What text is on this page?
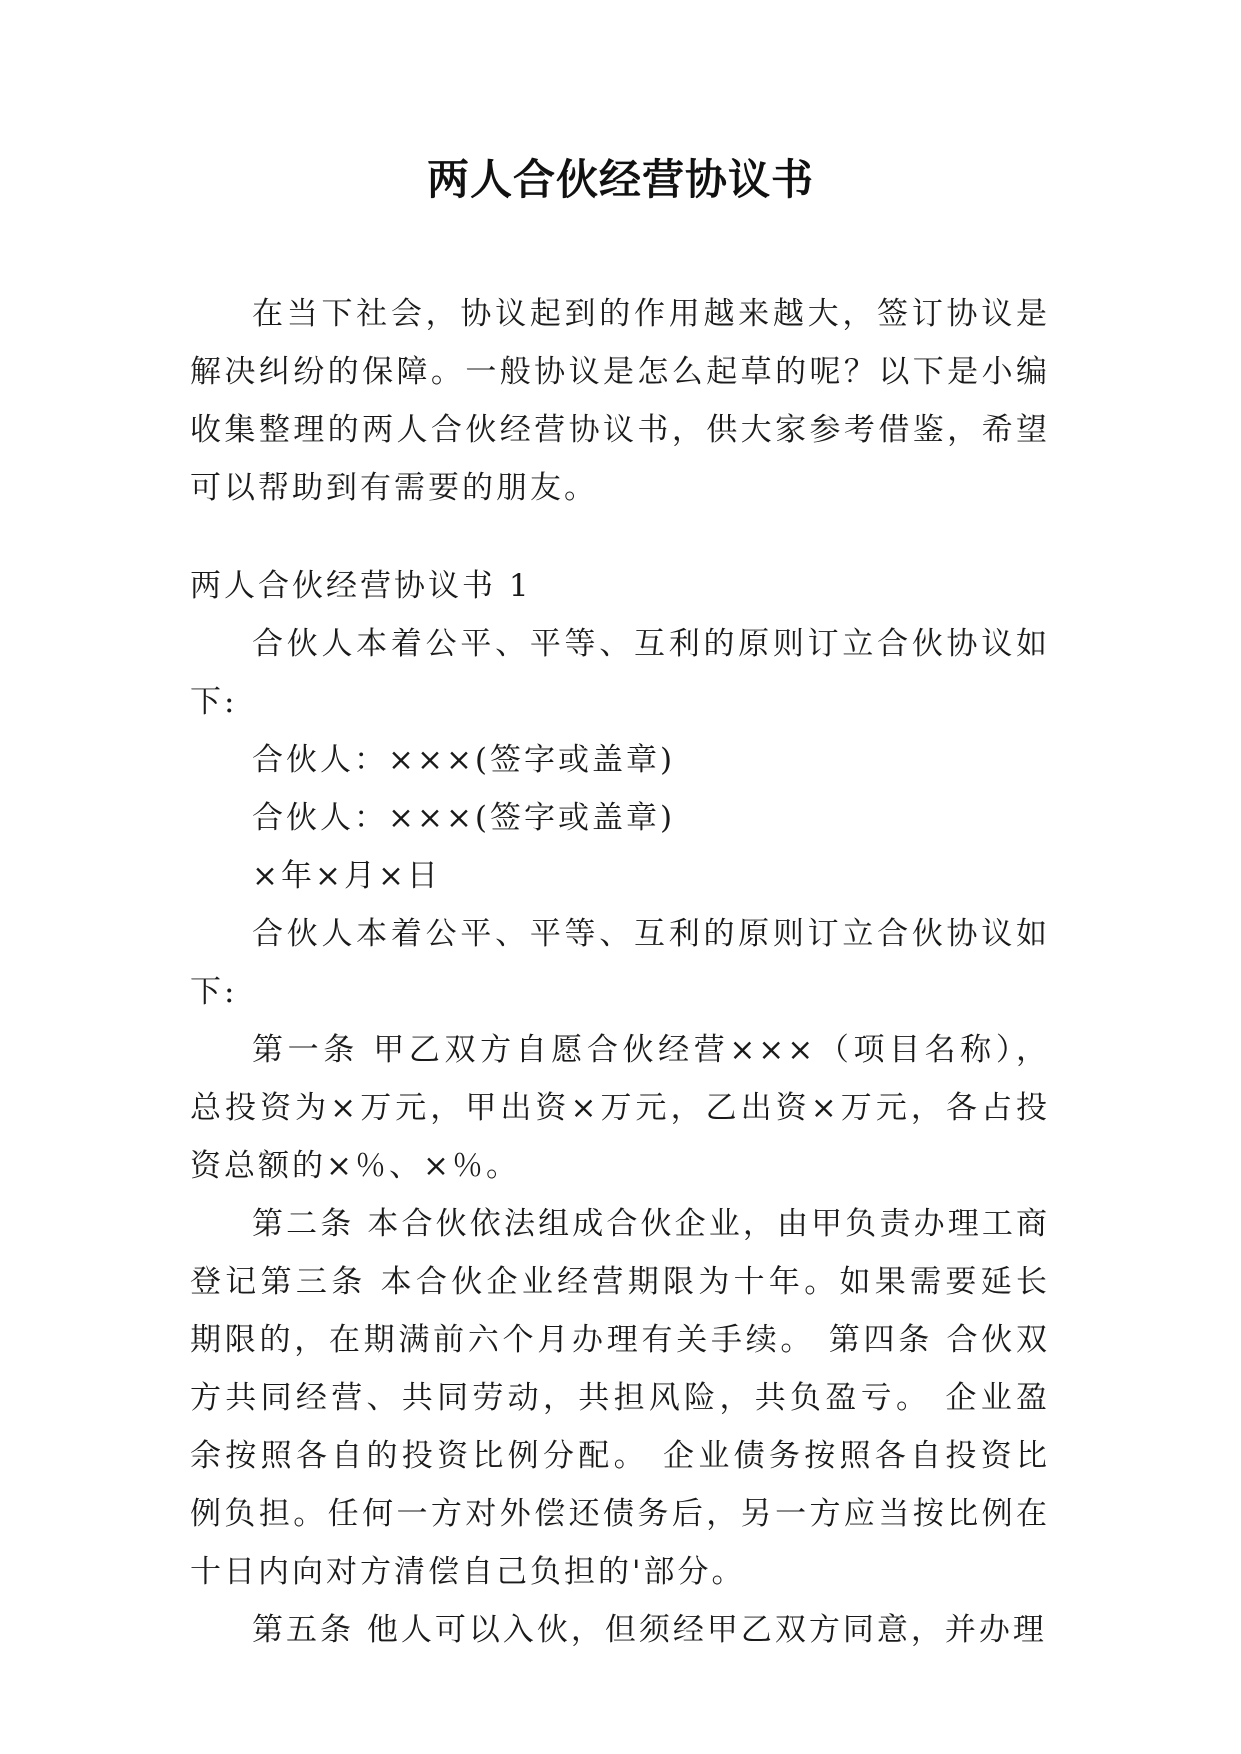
两人合伙经营协议书

在当下社会，协议起到的作用越来越大，签订协议是解决纠纷的保障。一般协议是怎么起草的呢？以下是小编收集整理的两人合伙经营协议书，供大家参考借鉴，希望可以帮助到有需要的朋友。

两人合伙经营协议书 1

合伙人本着公平、平等、互利的原则订立合伙协议如下:

合伙人：×××(签字或盖章)

合伙人：×××(签字或盖章)

×年×月×日

合伙人本着公平、平等、互利的原则订立合伙协议如下:

第一条 甲乙双方自愿合伙经营×××（项目名称），总投资为×万元，甲出资×万元，乙出资×万元，各占投资总额的×％、×％。

第二条 本合伙依法组成合伙企业，由甲负责办理工商登记第三条 本合伙企业经营期限为十年。如果需要延长期限的，在期满前六个月办理有关手续。 第四条 合伙双方共同经营、共同劳动，共担风险，共负盈亏。 企业盈余按照各自的投资比例分配。 企业债务按照各自投资比例负担。任何一方对外偿还债务后，另一方应当按比例在十日内向对方清偿自己负担的'部分。

第五条 他人可以入伙，但须经甲乙双方同意，并办理
